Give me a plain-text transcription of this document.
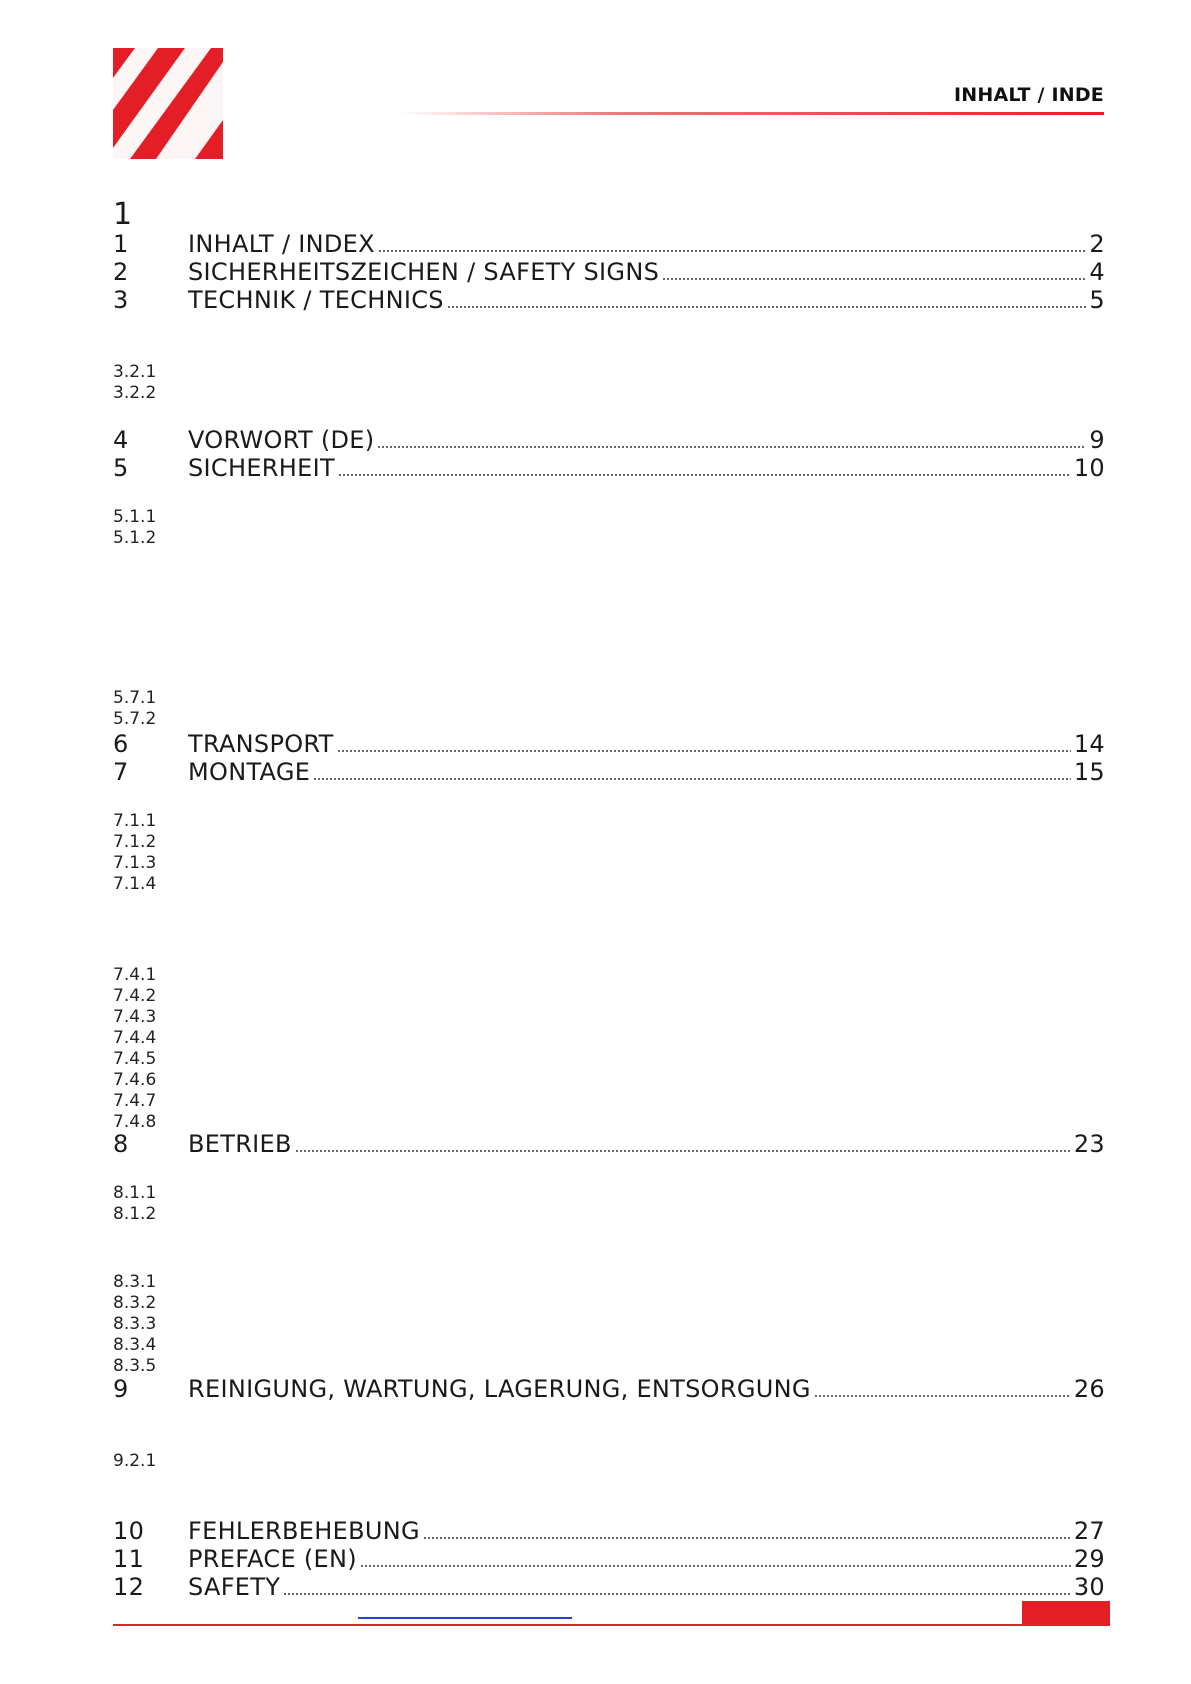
INHALT / INDE
1
1	INHALT / INDEX	2
2	SICHERHEITSZEICHEN / SAFETY SIGNS	4
3	TECHNIK / TECHNICS	5
3.2.1
3.2.2
4	VORWORT (DE)	9
5	SICHERHEIT	10
5.1.1
5.1.2
5.7.1
5.7.2
6	TRANSPORT	14
7	MONTAGE	15
7.1.1
7.1.2
7.1.3
7.1.4
7.4.1
7.4.2
7.4.3
7.4.4
7.4.5
7.4.6
7.4.7
7.4.8
8	BETRIEB	23
8.1.1
8.1.2
8.3.1
8.3.2
8.3.3
8.3.4
8.3.5
9	REINIGUNG, WARTUNG, LAGERUNG, ENTSORGUNG	26
9.2.1
10	FEHLERBEHEBUNG	27
11	PREFACE (EN)	29
12	SAFETY	30
